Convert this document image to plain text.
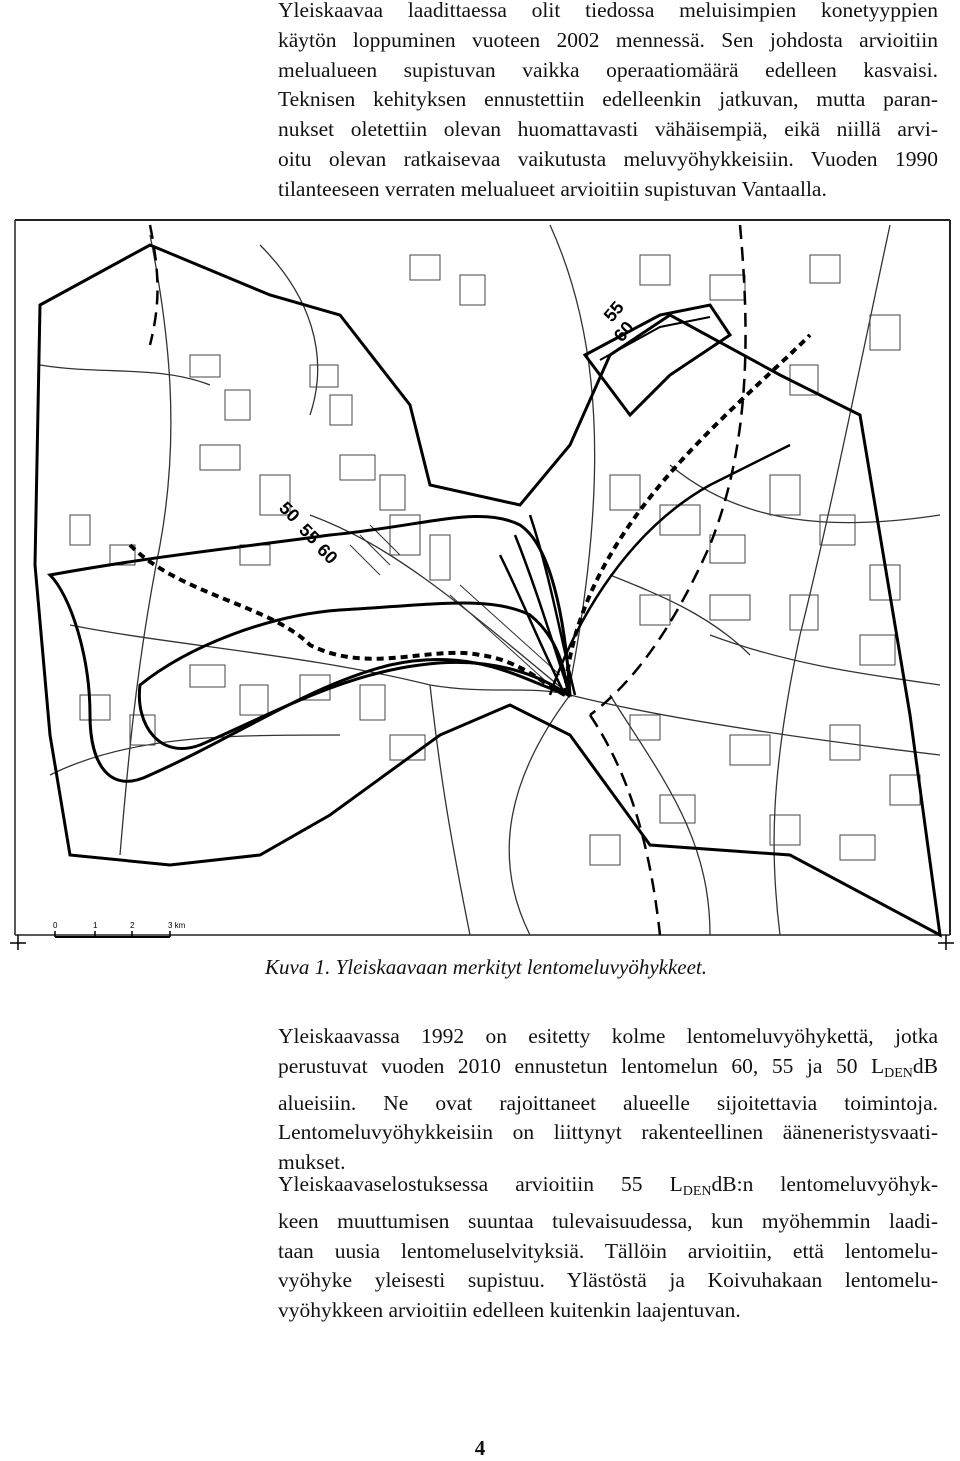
Yleiskaavaa laadittaessa olit tiedossa meluisimpien konetyyppien
käytön loppuminen vuoteen 2002 mennessä. Sen johdosta arvioitiin
melualueen supistuvan vaikka operaatiomäärä edelleen kasvaisi.
Teknisen kehityksen ennustettiin edelleenkin jatkuvan, mutta paran-
nukset oletettiin olevan huomattavasti vähäisempiä, eikä niillä arvi-
oitu olevan ratkaisevaa vaikutusta meluvyöhykkeisiin. Vuoden 1990
tilanteeseen verraten melualueet arvioitiin supistuvan Vantaalla.
50
55
60
55
60
0	1	2	3 km

Kuva 1. Yleiskaavaan merkityt lentomeluvyöhykkeet.

Yleiskaavassa 1992 on esitetty kolme lentomeluvyöhykettä, jotka
perustuvat vuoden 2010 ennustetun lentomelun 60, 55 ja 50 $L_{DEN}dB$
alueisiin. Ne ovat rajoittaneet alueelle sijoitettavia toimintoja.
Lentomeluvyöhykkeisiin on liittynyt rakenteellinen ääneneristysvaati-
mukset.
Yleiskaavaselostuksessa arvioitiin 55 $L_{DEN}dB:n$ lentomeluvyöhyk-
keen muuttumisen suuntaa tulevaisuudessa, kun myöhemmin laadi-
taan uusia lentomeluselvityksiä. Tällöin arvioitiin, että lentomelu-
vyöhyke yleisesti supistuu. Ylästöstä ja Koivuhakaan lentomelu-
vyöhykkeen arvioitiin edelleen kuitenkin laajentuvan.
4
